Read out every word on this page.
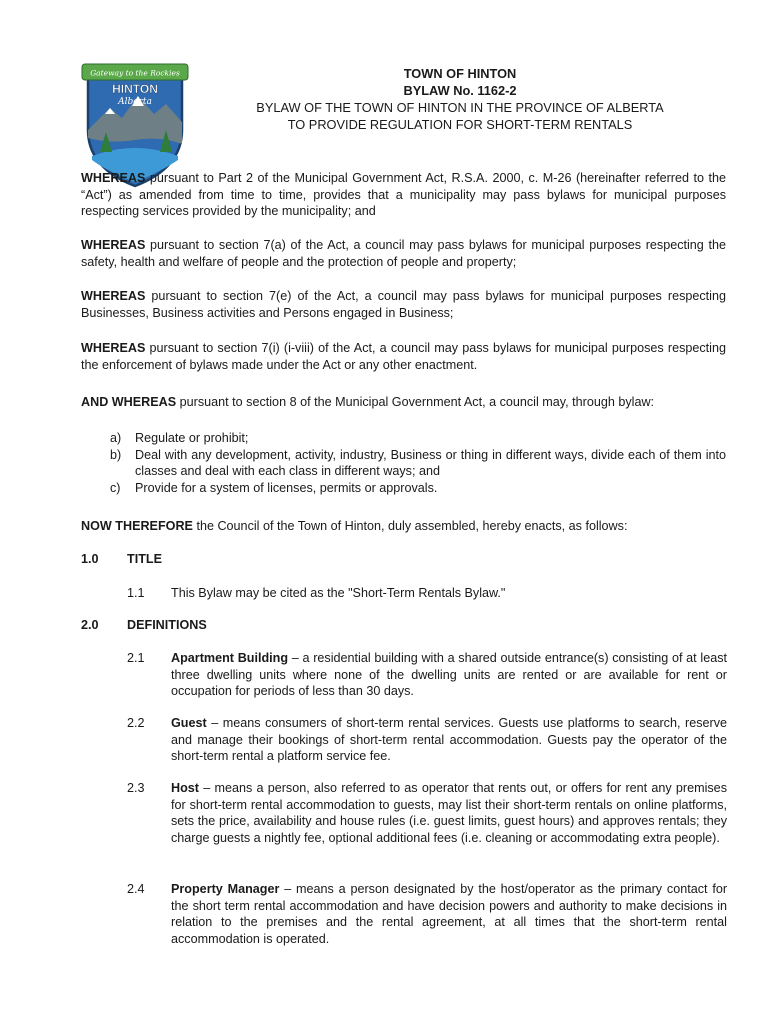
Gateway to the Rockies
HINTON
Alberta
TOWN OF HINTON
BYLAW No. 1162-2
BYLAW OF THE TOWN OF HINTON IN THE PROVINCE OF ALBERTA
TO PROVIDE REGULATION FOR SHORT-TERM RENTALS
WHEREAS pursuant to Part 2 of the Municipal Government Act, R.S.A. 2000, c. M-26 (hereinafter referred to the “Act”) as amended from time to time, provides that a municipality may pass bylaws for municipal purposes respecting services provided by the municipality; and
WHEREAS pursuant to section 7(a) of the Act, a council may pass bylaws for municipal purposes respecting the safety, health and welfare of people and the protection of people and property;
WHEREAS pursuant to section 7(e) of the Act, a council may pass bylaws for municipal purposes respecting Businesses, Business activities and Persons engaged in Business;
WHEREAS pursuant to section 7(i) (i-viii) of the Act, a council may pass bylaws for municipal purposes respecting the enforcement of bylaws made under the Act or any other enactment.
AND WHEREAS pursuant to section 8 of the Municipal Government Act, a council may, through bylaw:
a) Regulate or prohibit;
b) Deal with any development, activity, industry, Business or thing in different ways, divide each of them into classes and deal with each class in different ways; and
c) Provide for a system of licenses, permits or approvals.
NOW THEREFORE the Council of the Town of Hinton, duly assembled, hereby enacts, as follows:
1.0 TITLE
1.1 This Bylaw may be cited as the "Short-Term Rentals Bylaw."
2.0 DEFINITIONS
2.1 Apartment Building – a residential building with a shared outside entrance(s) consisting of at least three dwelling units where none of the dwelling units are rented or are available for rent or occupation for periods of less than 30 days.
2.2 Guest – means consumers of short-term rental services. Guests use platforms to search, reserve and manage their bookings of short-term rental accommodation. Guests pay the operator of the short-term rental a platform service fee.
2.3 Host – means a person, also referred to as operator that rents out, or offers for rent any premises for short-term rental accommodation to guests, may list their short-term rentals on online platforms, sets the price, availability and house rules (i.e. guest limits, guest hours) and approves rentals; they charge guests a nightly fee, optional additional fees (i.e. cleaning or accommodating extra people).
2.4 Property Manager – means a person designated by the host/operator as the primary contact for the short term rental accommodation and have decision powers and authority to make decisions in relation to the premises and the rental agreement, at all times that the short-term rental accommodation is operated.
